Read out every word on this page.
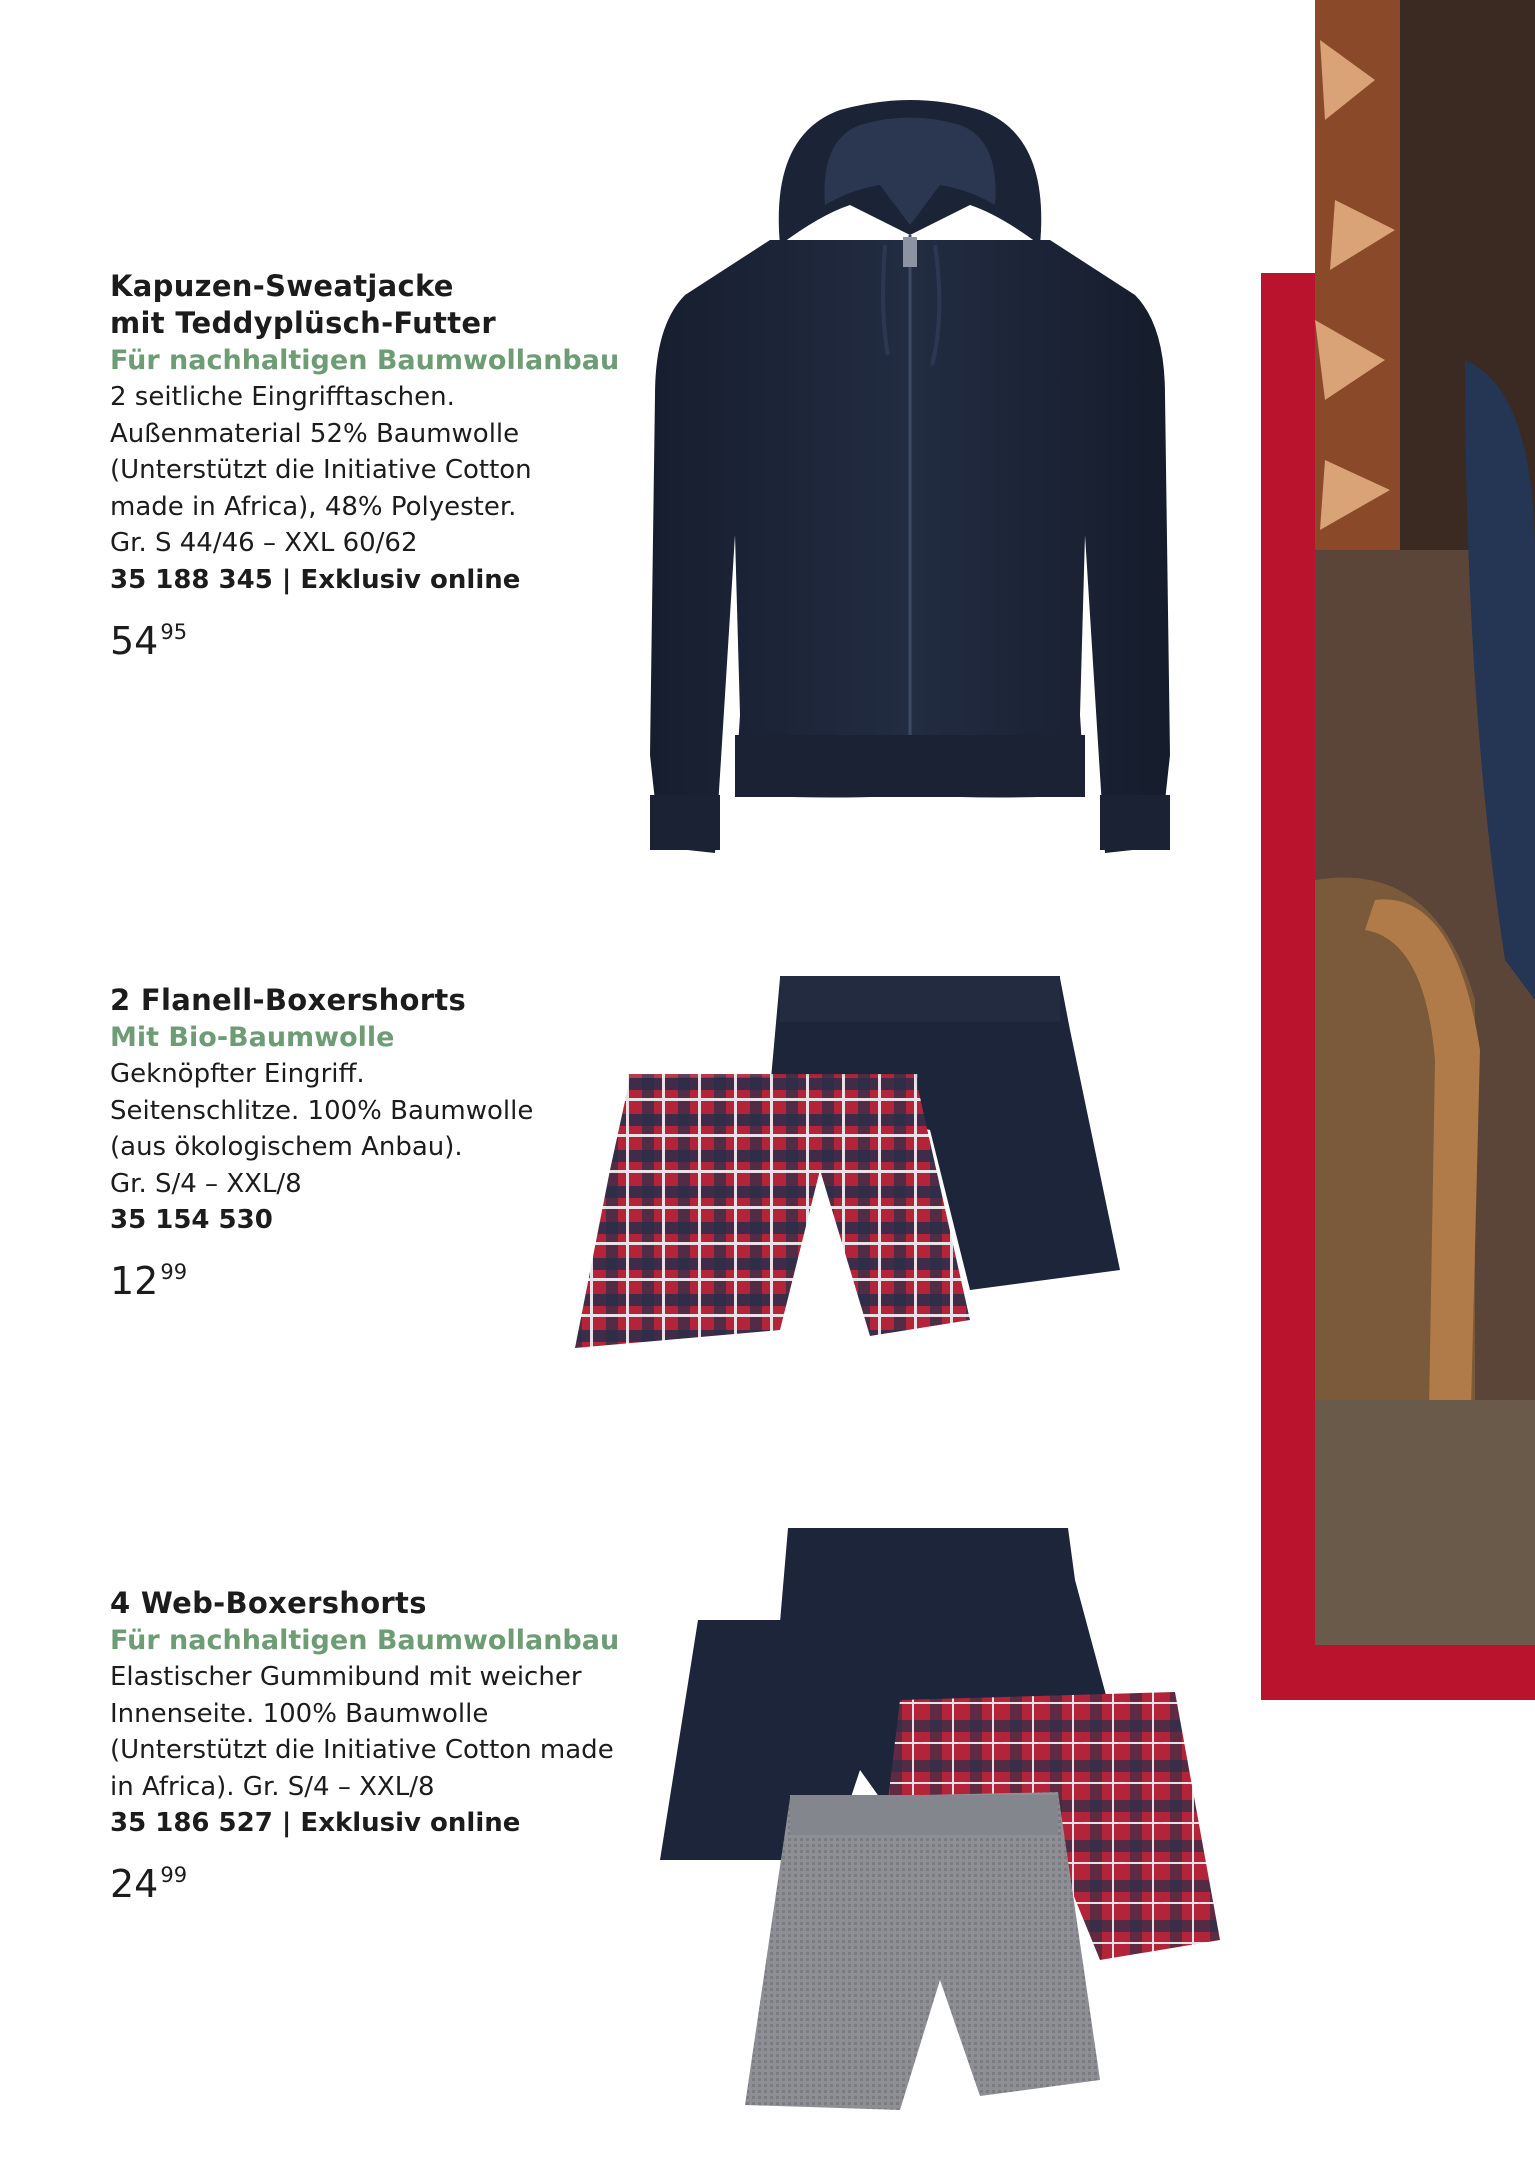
Kapuzen-Sweatjacke
mit Teddyplüsch-Futter
Für nachhaltigen Baumwollanbau
2 seitliche Eingrifftaschen.
Außenmaterial 52% Baumwolle
(Unterstützt die Initiative Cotton
made in Africa), 48% Polyester.
Gr. S 44/46 – XXL 60/62
35 188 345 | Exklusiv online
$54^{95}$
2 Flanell-Boxershorts
Mit Bio-Baumwolle
Geknöpfter Eingriff.
Seitenschlitze. 100% Baumwolle
(aus ökologischem Anbau).
Gr. S/4 – XXL/8
35 154 530
$12^{99}$
4 Web-Boxershorts
Für nachhaltigen Baumwollanbau
Elastischer Gummibund mit weicher
Innenseite. 100% Baumwolle
(Unterstützt die Initiative Cotton made
in Africa). Gr. S/4 – XXL/8
35 186 527 | Exklusiv online
$24^{99}$
